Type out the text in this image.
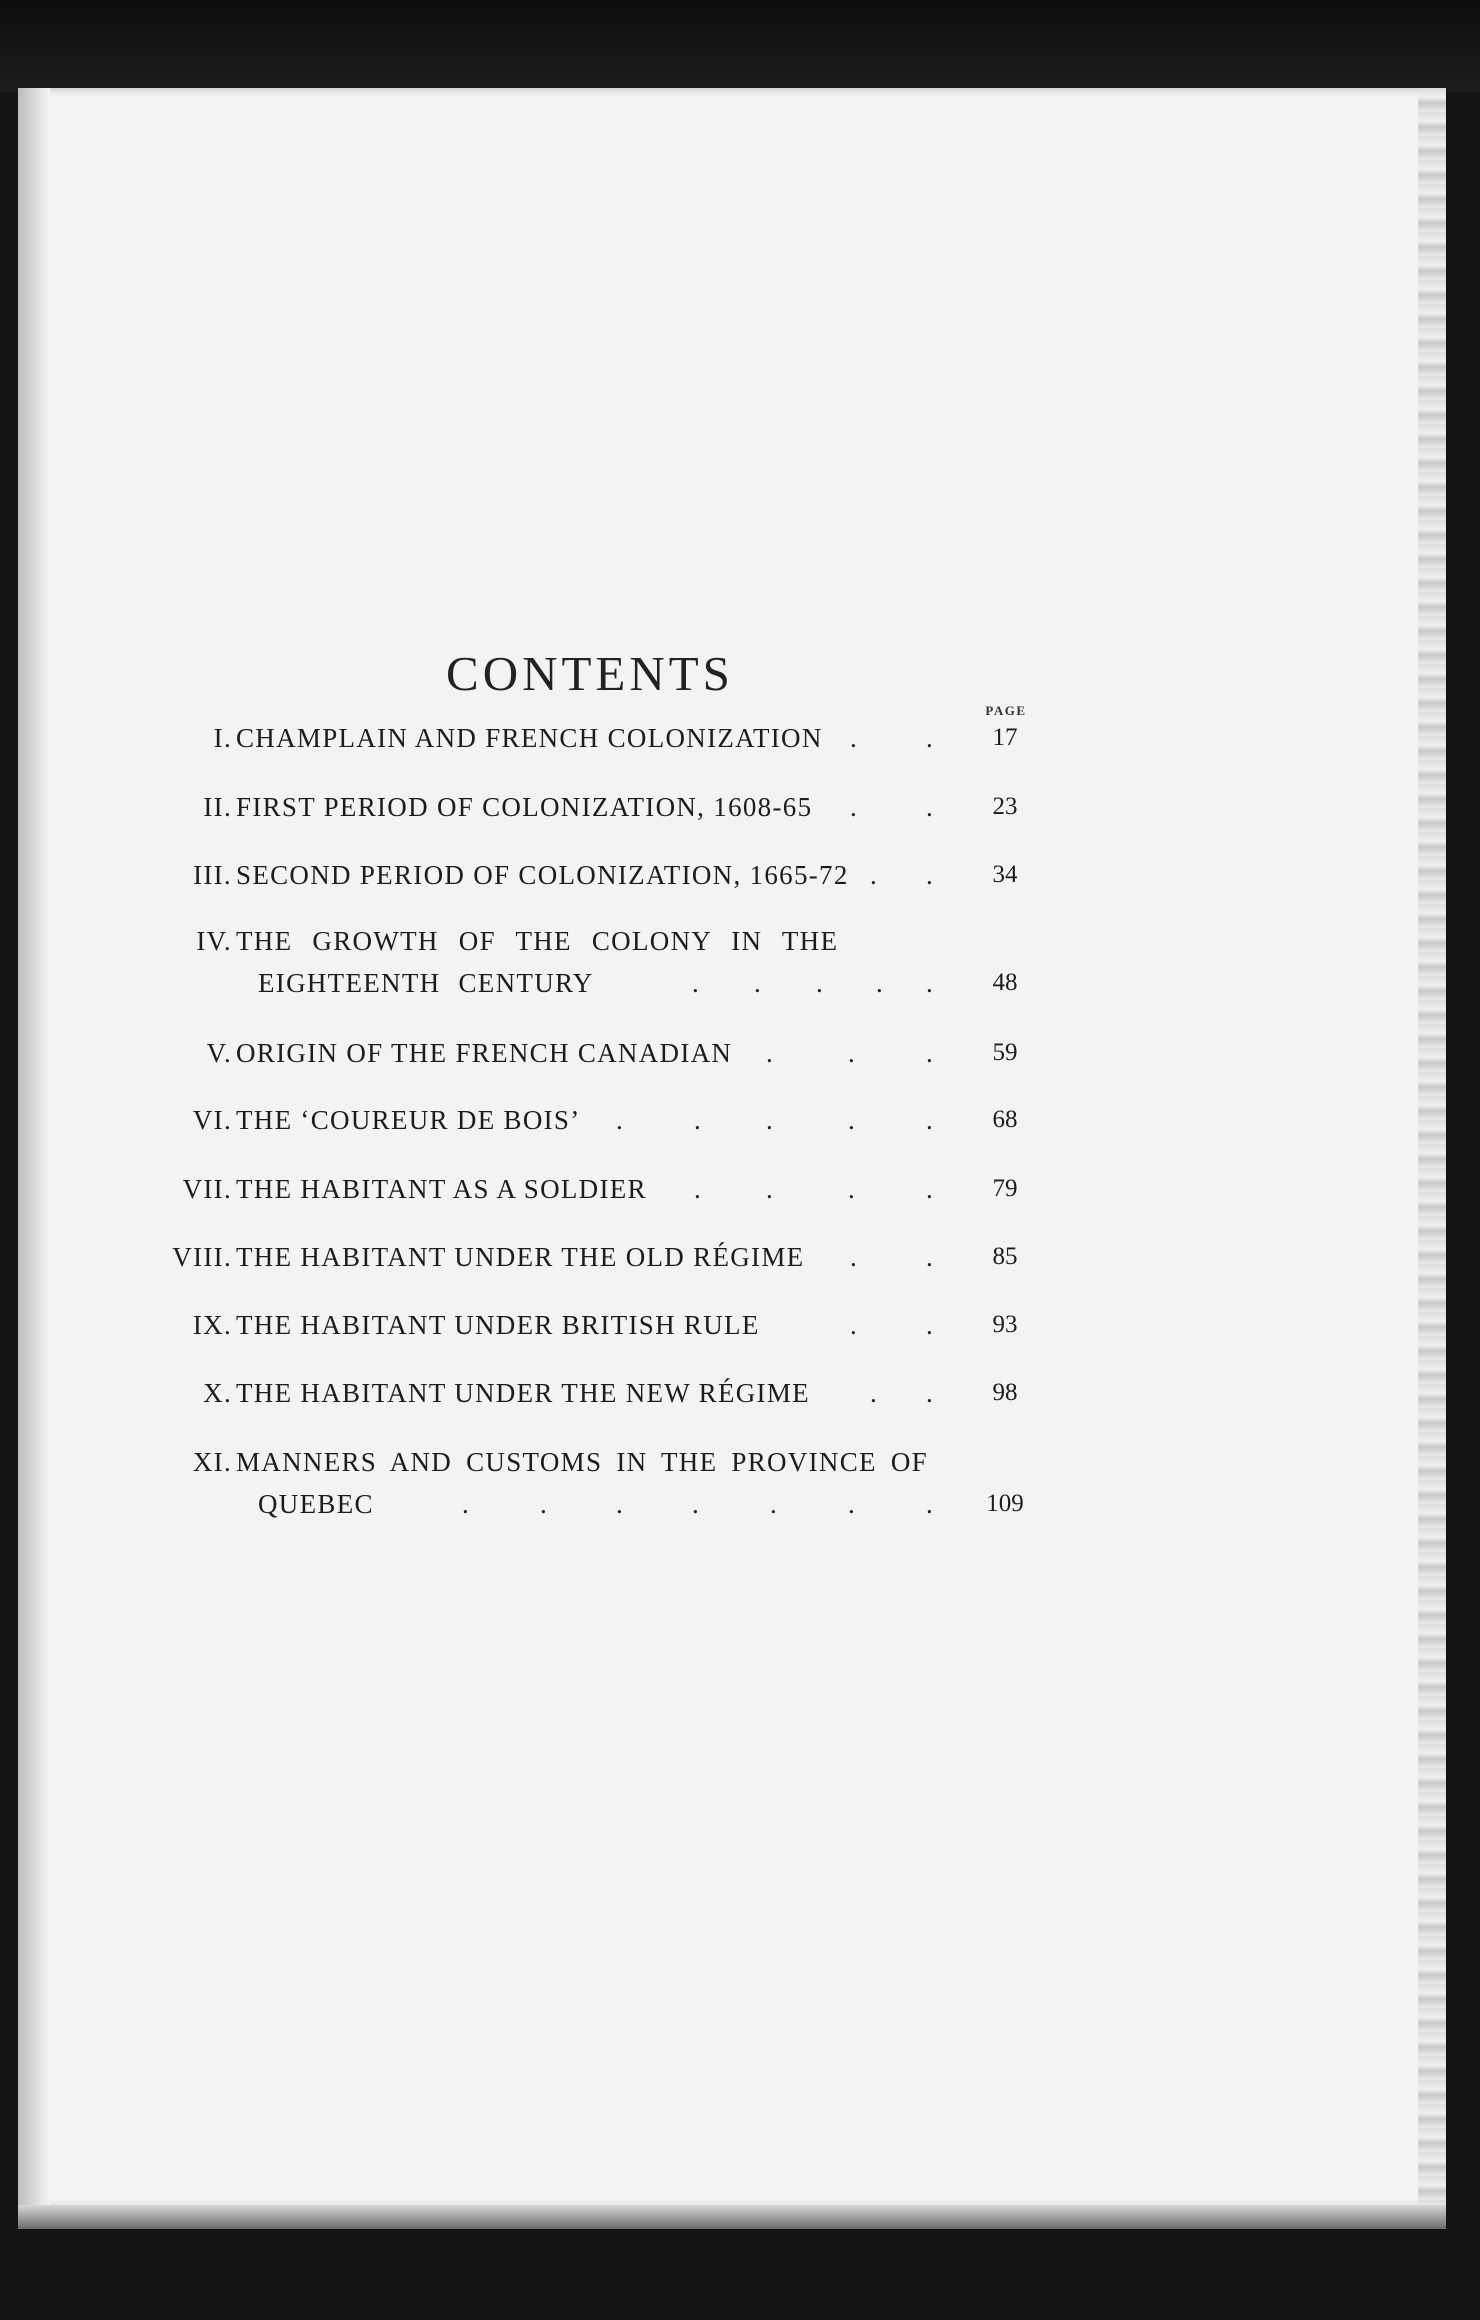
CONTENTS
PAGE
I. CHAMPLAIN AND FRENCH COLONIZATION .	.	17
II. FIRST PERIOD OF COLONIZATION, 1608-65 .	.	23
III. SECOND PERIOD OF COLONIZATION, 1665-72 . .	34
IV. THE GROWTH OF THE COLONY IN THE
EIGHTEENTH CENTURY	. . . . .	48
V. ORIGIN OF THE FRENCH CANADIAN .	.	.	59
VI. THE ‘COUREUR DE BOIS’ .	. .	.	.	68
VII. THE HABITANT AS A SOLDIER . .	.	.	79
VIII. THE HABITANT UNDER THE OLD RÉGIME .	.	85
IX. THE HABITANT UNDER BRITISH RULE	.	.	93
X. THE HABITANT UNDER THE NEW RÉGIME . .	98
XI. MANNERS AND CUSTOMS IN THE PROVINCE OF
QUEBEC	.	.	.	.	.	.	.	109
